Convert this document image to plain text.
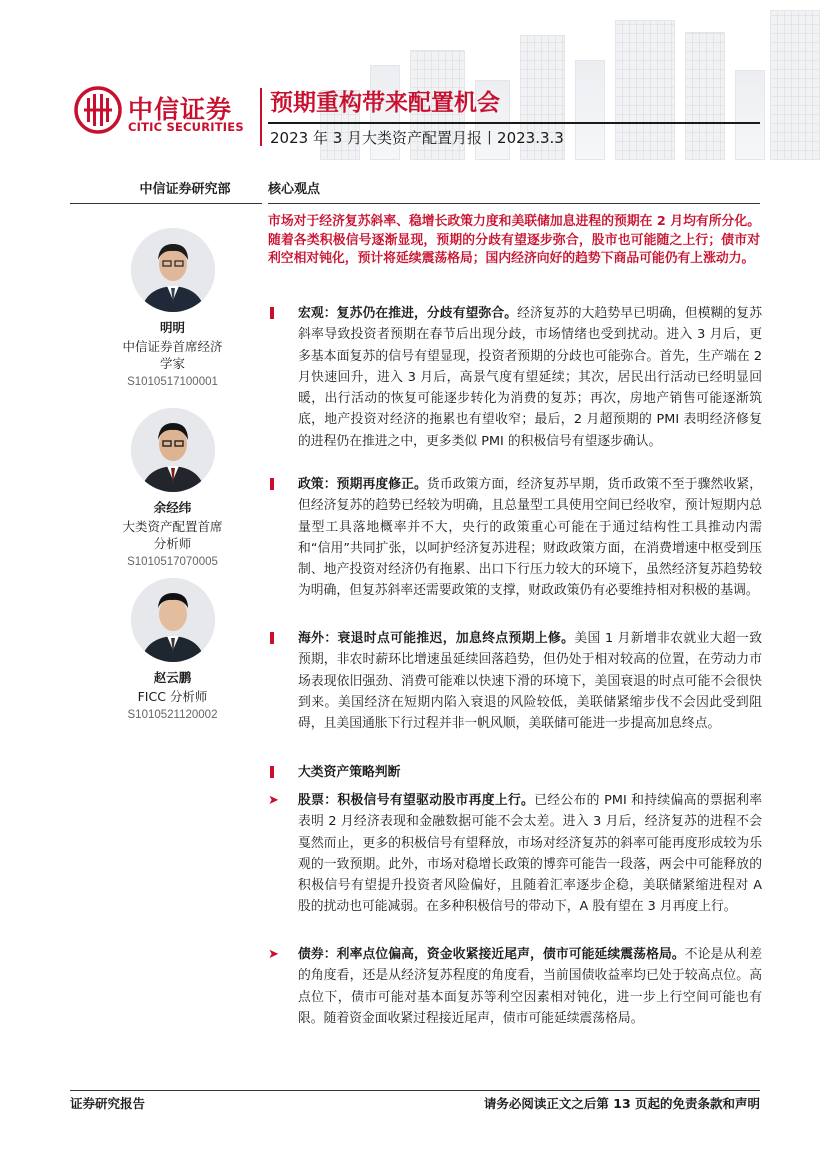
中信证券
CITIC SECURITIES
预期重构带来配置机会
2023 年 3 月大类资产配置月报丨2023.3.3
中信证券研究部
明明
中信证券首席经济
学家
S1010517100001
余经纬
大类资产配置首席
分析师
S1010517070005
赵云鹏
FICC 分析师
S1010521120002
核心观点
市场对于经济复苏斜率、稳增长政策力度和美联储加息进程的预期在 2 月均有所分化。随着各类积极信号逐渐显现，预期的分歧有望逐步弥合，股市也可能随之上行；债市对利空相对钝化，预计将延续震荡格局；国内经济向好的趋势下商品可能仍有上涨动力。
宏观：复苏仍在推进，分歧有望弥合。经济复苏的大趋势早已明确，但模糊的复苏斜率导致投资者预期在春节后出现分歧，市场情绪也受到扰动。进入 3 月后，更多基本面复苏的信号有望显现，投资者预期的分歧也可能弥合。首先，生产端在 2 月快速回升，进入 3 月后，高景气度有望延续；其次，居民出行活动已经明显回暖，出行活动的恢复可能逐步转化为消费的复苏；再次，房地产销售可能逐渐筑底，地产投资对经济的拖累也有望收窄；最后，2 月超预期的 PMI 表明经济修复的进程仍在推进之中，更多类似 PMI 的积极信号有望逐步确认。
政策：预期再度修正。货币政策方面，经济复苏早期，货币政策不至于骤然收紧，但经济复苏的趋势已经较为明确，且总量型工具使用空间已经收窄，预计短期内总量型工具落地概率并不大，央行的政策重心可能在于通过结构性工具推动内需和“信用”共同扩张，以呵护经济复苏进程；财政政策方面，在消费增速中枢受到压制、地产投资对经济仍有拖累、出口下行压力较大的环境下，虽然经济复苏趋势较为明确，但复苏斜率还需要政策的支撑，财政政策仍有必要维持相对积极的基调。
海外：衰退时点可能推迟，加息终点预期上修。美国 1 月新增非农就业大超一致预期，非农时薪环比增速虽延续回落趋势，但仍处于相对较高的位置，在劳动力市场表现依旧强劲、消费可能难以快速下滑的环境下，美国衰退的时点可能不会很快到来。美国经济在短期内陷入衰退的风险较低，美联储紧缩步伐不会因此受到阻碍，且美国通胀下行过程并非一帆风顺，美联储可能进一步提高加息终点。
大类资产策略判断
➤ 股票：积极信号有望驱动股市再度上行。已经公布的 PMI 和持续偏高的票据利率表明 2 月经济表现和金融数据可能不会太差。进入 3 月后，经济复苏的进程不会戛然而止，更多的积极信号有望释放，市场对经济复苏的斜率可能再度形成较为乐观的一致预期。此外，市场对稳增长政策的博弈可能告一段落，两会中可能释放的积极信号有望提升投资者风险偏好，且随着汇率逐步企稳，美联储紧缩进程对 A 股的扰动也可能减弱。在多种积极信号的带动下，A 股有望在 3 月再度上行。
➤ 债券：利率点位偏高，资金收紧接近尾声，债市可能延续震荡格局。不论是从利差的角度看，还是从经济复苏程度的角度看，当前国债收益率均已处于较高点位。高点位下，债市可能对基本面复苏等利空因素相对钝化，进一步上行空间可能也有限。随着资金面收紧过程接近尾声，债市可能延续震荡格局。
证券研究报告	请务必阅读正文之后第 13 页起的免责条款和声明
